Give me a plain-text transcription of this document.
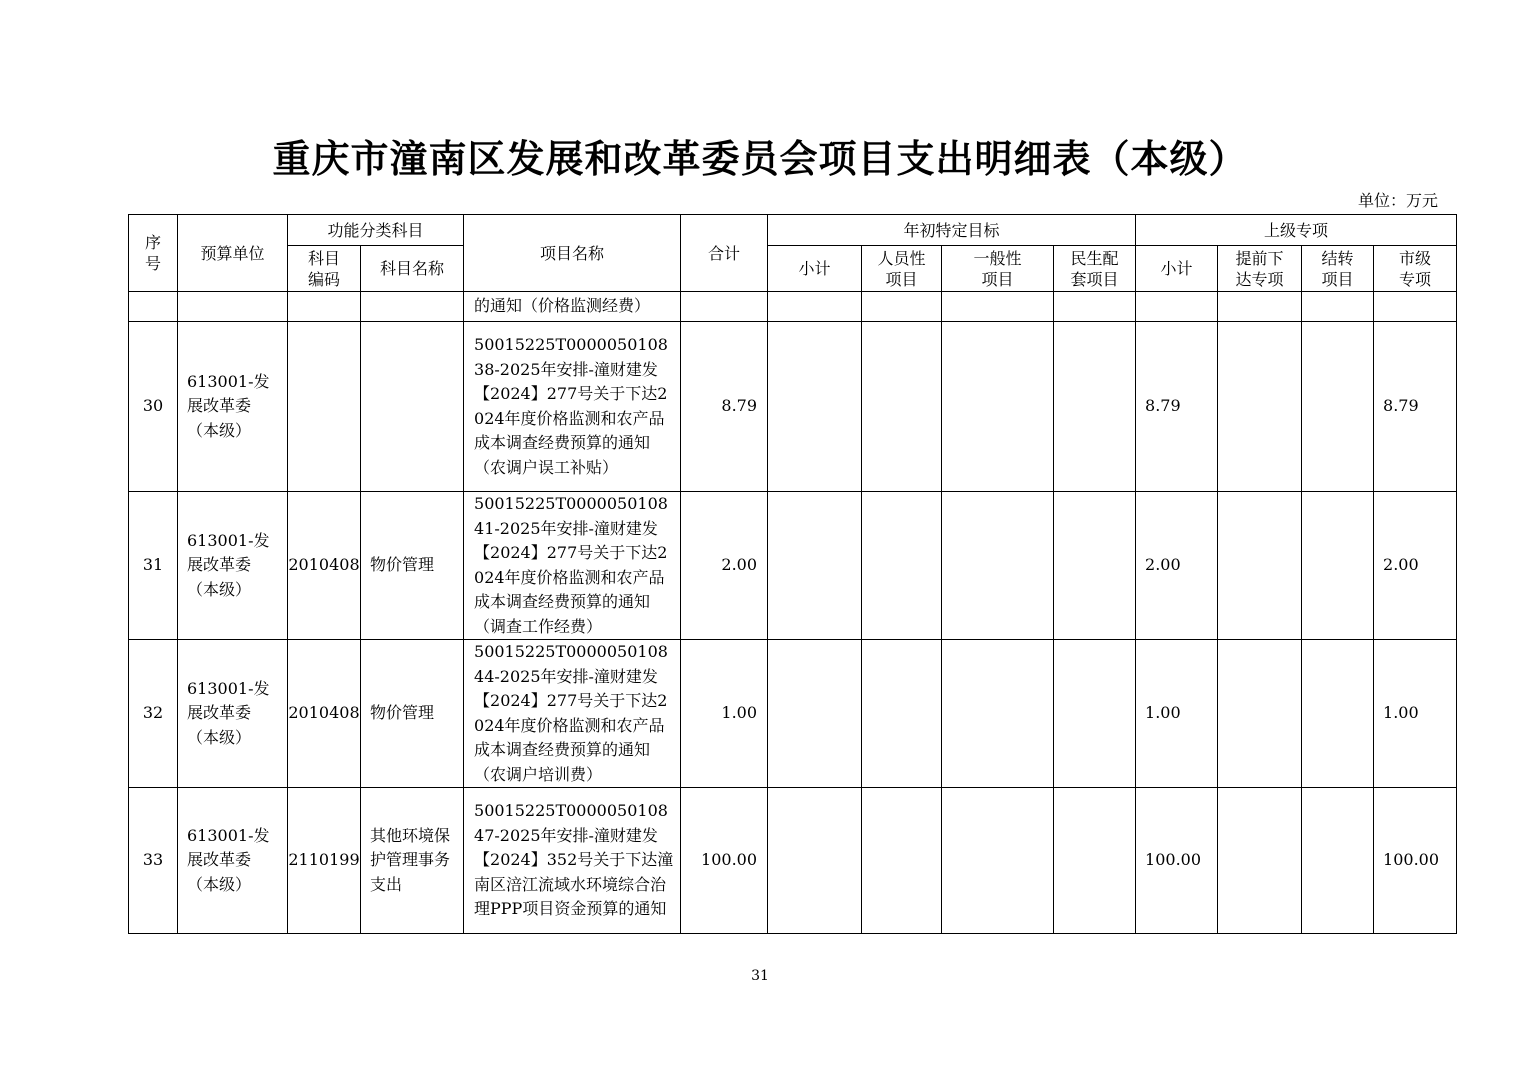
重庆市潼南区发展和改革委员会项目支出明细表（本级）
单位：万元
序号	预算单位	功能分类科目		项目名称	合计	年初特定目标				上级专项			
		科目编码	科目名称			小计	人员性项目	一般性项目	民生配套项目	小计	提前下达专项	结转项目	市级专项
				的通知（价格监测经费）									
30	613001-发展改革委（本级）			50015225T000005010838-2025年安排-潼财建发【2024】277号关于下达2024年度价格监测和农产品成本调查经费预算的通知（农调户误工补贴）	8.79					8.79			8.79
31	613001-发展改革委（本级）	2010408	物价管理	50015225T000005010841-2025年安排-潼财建发【2024】277号关于下达2024年度价格监测和农产品成本调查经费预算的通知（调查工作经费）	2.00					2.00			2.00
32	613001-发展改革委（本级）	2010408	物价管理	50015225T000005010844-2025年安排-潼财建发【2024】277号关于下达2024年度价格监测和农产品成本调查经费预算的通知（农调户培训费）	1.00					1.00			1.00
33	613001-发展改革委（本级）	2110199	其他环境保护管理事务支出	50015225T000005010847-2025年安排-潼财建发【2024】352号关于下达潼南区涪江流域水环境综合治理PPP项目资金预算的通知	100.00					100.00			100.00
31
